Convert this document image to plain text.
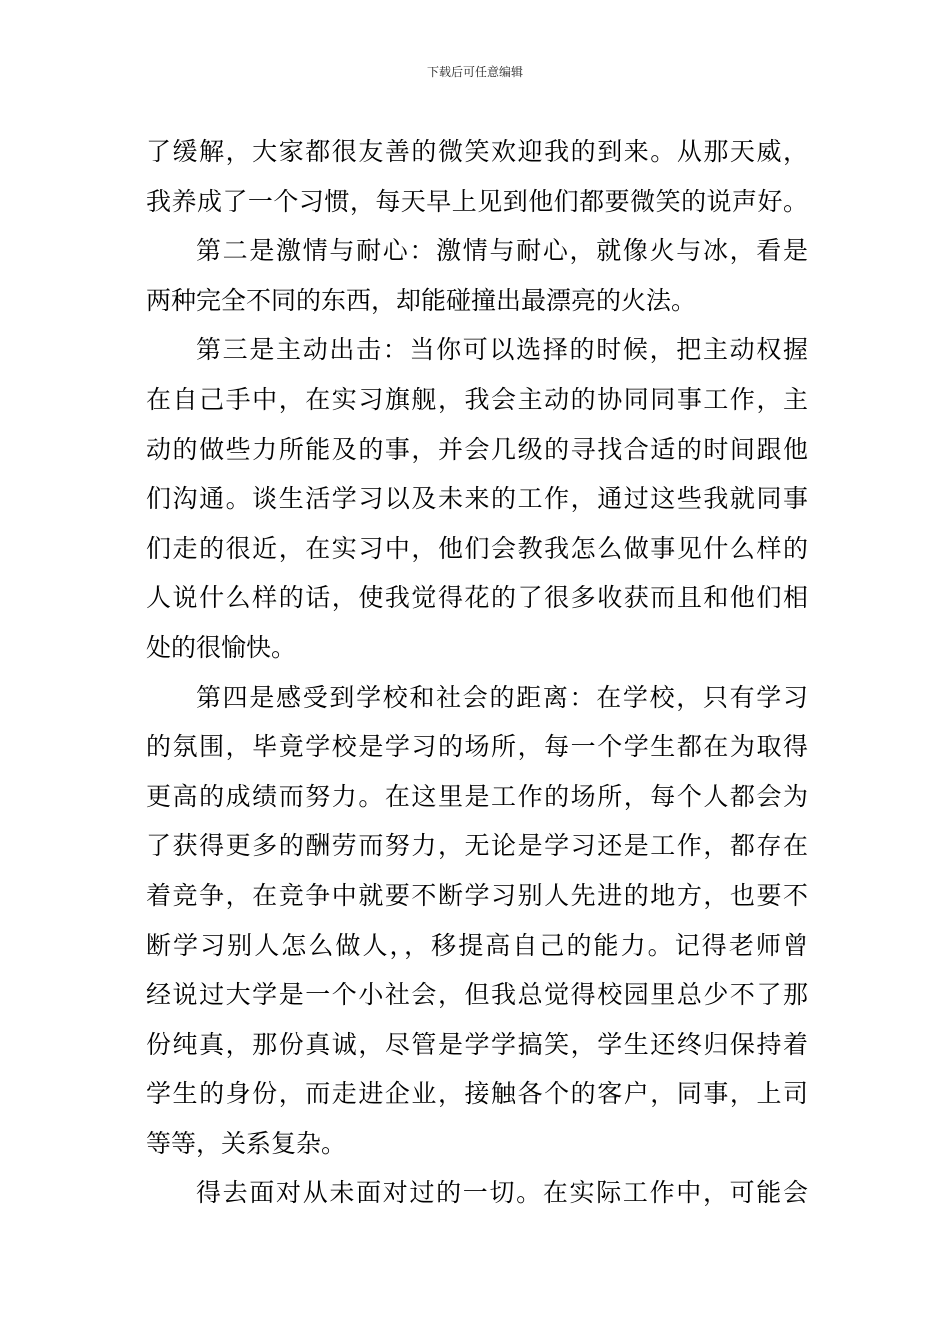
下载后可任意编辑
了缓解，大家都很友善的微笑欢迎我的到来。从那天威，
我养成了一个习惯，每天早上见到他们都要微笑的说声好。
第二是激情与耐心：激情与耐心，就像火与冰，看是
两种完全不同的东西，却能碰撞出最漂亮的火法。
第三是主动出击：当你可以选择的时候，把主动权握
在自己手中，在实习旗舰，我会主动的协同同事工作，主
动的做些力所能及的事，并会几级的寻找合适的时间跟他
们沟通。谈生活学习以及未来的工作，通过这些我就同事
们走的很近，在实习中，他们会教我怎么做事见什么样的
人说什么样的话，使我觉得花的了很多收获而且和他们相
处的很愉快。
第四是感受到学校和社会的距离：在学校，只有学习
的氛围，毕竟学校是学习的场所，每一个学生都在为取得
更高的成绩而努力。在这里是工作的场所，每个人都会为
了获得更多的酬劳而努力，无论是学习还是工作，都存在
着竞争，在竞争中就要不断学习别人先进的地方，也要不
断学习别人怎么做人，，移提高自己的能力。记得老师曾
经说过大学是一个小社会，但我总觉得校园里总少不了那
份纯真，那份真诚，尽管是学学搞笑，学生还终归保持着
学生的身份，而走进企业，接触各个的客户，同事，上司
等等，关系复杂。
得去面对从未面对过的一切。在实际工作中，可能会
